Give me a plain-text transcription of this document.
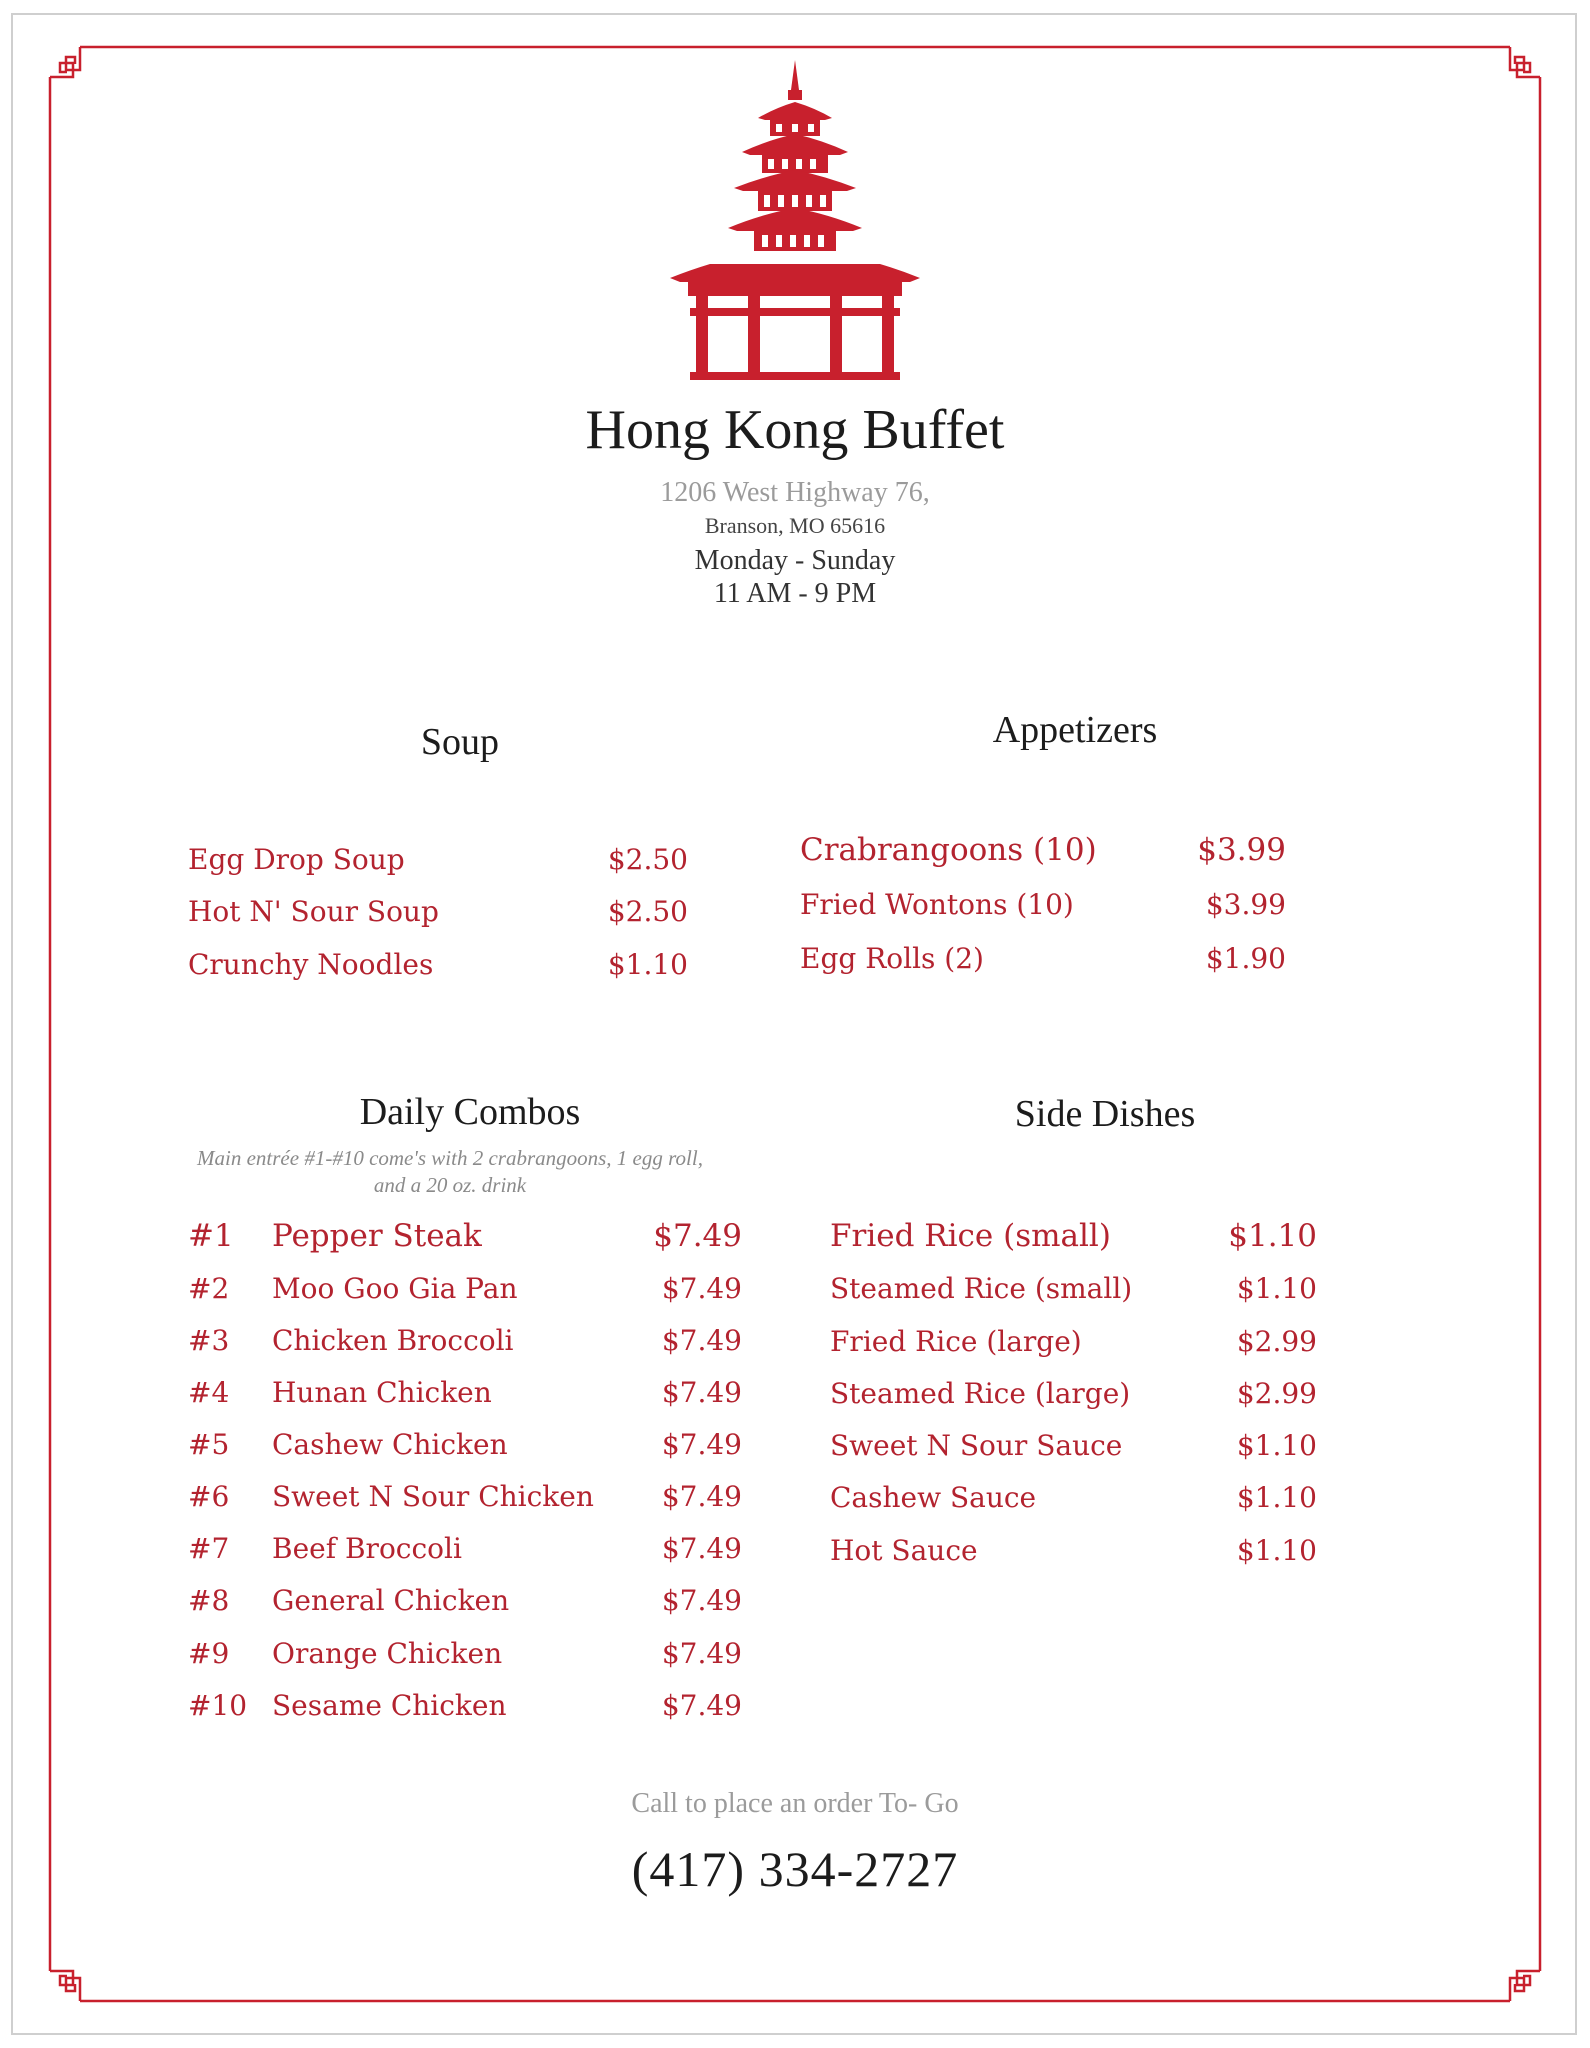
Hong Kong Buffet
1206 West Highway 76,
Branson, MO 65616
Monday - Sunday
11 AM - 9 PM
Soup
Egg Drop Soup	$2.50
Hot N' Sour Soup	$2.50
Crunchy Noodles	$1.10
Appetizers
Crabrangoons (10)	$3.99
Fried Wontons (10)	$3.99
Egg Rolls (2)	$1.90
Daily Combos
Main entrée #1-#10 come's with 2 crabrangoons, 1 egg roll,
and a 20 oz. drink
#1 Pepper Steak	$7.49
#2 Moo Goo Gia Pan	$7.49
#3 Chicken Broccoli	$7.49
#4 Hunan Chicken	$7.49
#5 Cashew Chicken	$7.49
#6 Sweet N Sour Chicken	$7.49
#7 Beef Broccoli	$7.49
#8 General Chicken	$7.49
#9 Orange Chicken	$7.49
#10 Sesame Chicken	$7.49
Side Dishes
Fried Rice (small)	$1.10
Steamed Rice (small)	$1.10
Fried Rice (large)	$2.99
Steamed Rice (large)	$2.99
Sweet N Sour Sauce	$1.10
Cashew Sauce	$1.10
Hot Sauce	$1.10
Call to place an order To- Go
(417) 334-2727
